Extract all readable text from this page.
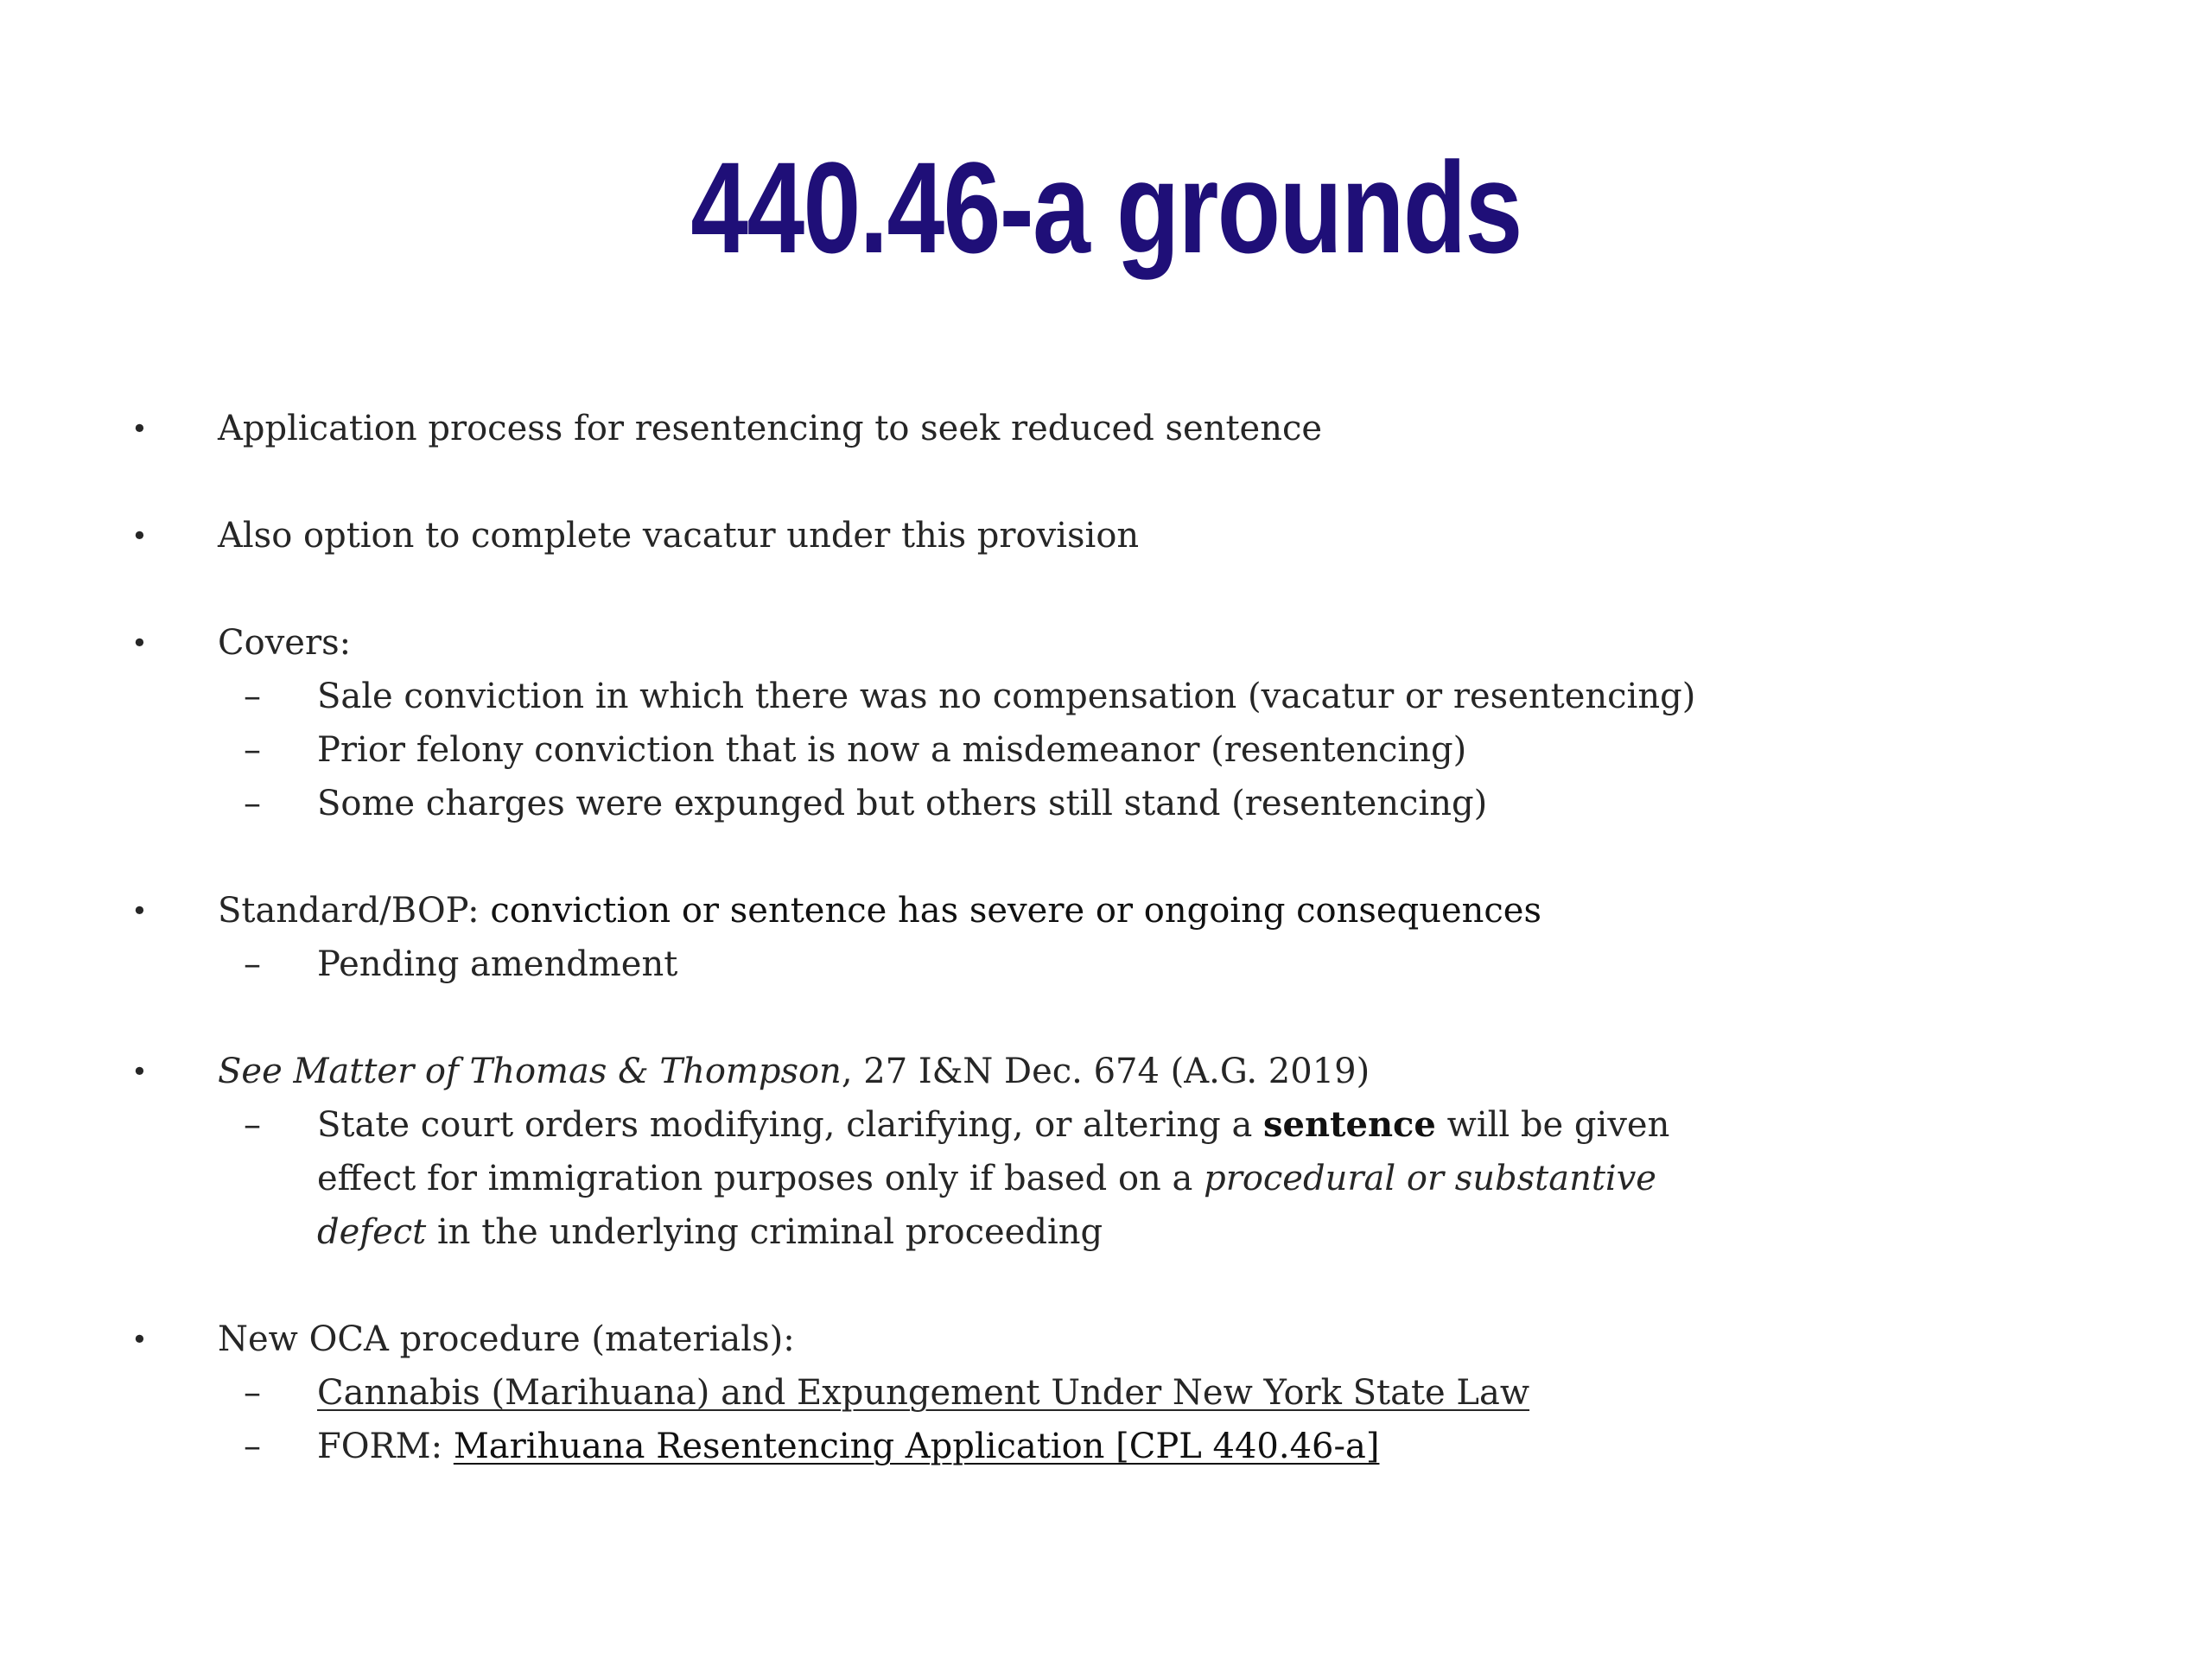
440.46-a grounds
• Application process for resentencing to seek reduced sentence
• Also option to complete vacatur under this provision
• Covers:
– Sale conviction in which there was no compensation (vacatur or resentencing)
– Prior felony conviction that is now a misdemeanor (resentencing)
– Some charges were expunged but others still stand (resentencing)
• Standard/BOP: conviction or sentence has severe or ongoing consequences
– Pending amendment
• See Matter of Thomas & Thompson, 27 I&N Dec. 674 (A.G. 2019)
– State court orders modifying, clarifying, or altering a sentence will be given
effect for immigration purposes only if based on a procedural or substantive
defect in the underlying criminal proceeding
• New OCA procedure (materials):
– Cannabis (Marihuana) and Expungement Under New York State Law
– FORM: Marihuana Resentencing Application [CPL 440.46-a]
